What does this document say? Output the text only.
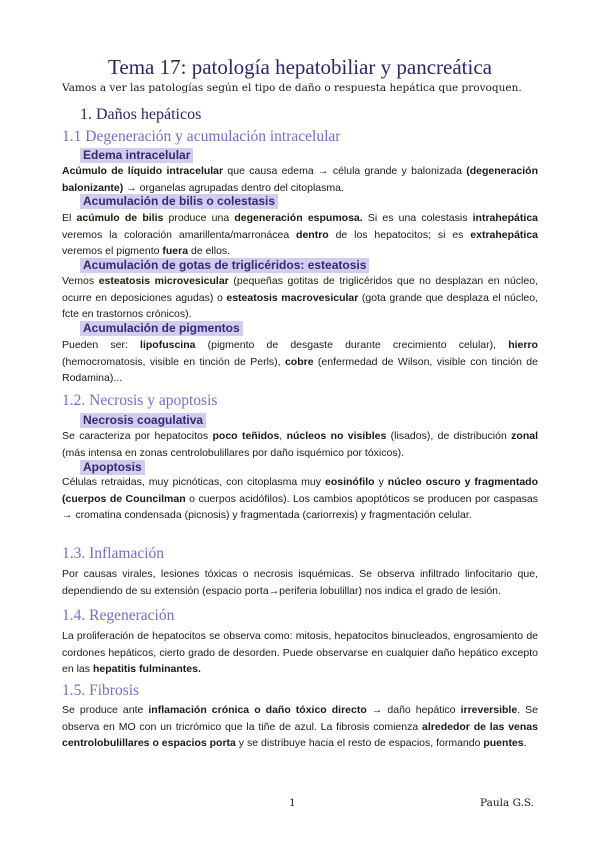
Tema 17: patología hepatobiliar y pancreática
Vamos a ver las patologías según el tipo de daño o respuesta hepática que provoquen.
1. Daños hepáticos
1.1 Degeneración y acumulación intracelular
Edema intracelular
Acúmulo de líquido intracelular que causa edema → célula grande y balonizada (degeneración balonizante) → organelas agrupadas dentro del citoplasma.
Acumulación de bilis o colestasis
El acúmulo de bilis produce una degeneración espumosa. Si es una colestasis intrahepática veremos la coloración amarillenta/marronácea dentro de los hepatocitos; si es extrahepática veremos el pigmento fuera de ellos.
Acumulación de gotas de triglicéridos: esteatosis
Vemos esteatosis microvesicular (pequeñas gotitas de triglicéridos que no desplazan en núcleo, ocurre en deposiciones agudas) o esteatosis macrovesicular (gota grande que desplaza el núcleo, fcte en trastornos crónicos).
Acumulación de pigmentos
Pueden ser: lipofuscina (pigmento de desgaste durante crecimiento celular), hierro (hemocromatosis, visible en tinción de Perls), cobre (enfermedad de Wilson, visible con tinción de Rodamina)...
1.2. Necrosis y apoptosis
Necrosis coagulativa
Se caracteriza por hepatocitos poco teñidos, núcleos no visibles (lisados), de distribución zonal (más intensa en zonas centrolobulillares por daño isquémico por tóxicos).
Apoptosis
Células retraidas, muy picnóticas, con citoplasma muy eosinófilo y núcleo oscuro y fragmentado (cuerpos de Councilman o cuerpos acidófilos). Los cambios apoptóticos se producen por caspasas → cromatina condensada (picnosis) y fragmentada (cariorrexis) y fragmentación celular.
1.3. Inflamación
Por causas virales, lesiones tóxicas o necrosis isquémicas. Se observa infiltrado linfocitario que, dependiendo de su extensión (espacio porta→periferia lobulillar) nos indica el grado de lesión.
1.4. Regeneración
La proliferación de hepatocitos se observa como: mitosis, hepatocitos binucleados, engrosamiento de cordones hepáticos, cierto grado de desorden. Puede observarse en cualquier daño hepático excepto en las hepatitis fulminantes.
1.5. Fibrosis
Se produce ante inflamación crónica o daño tóxico directo → daño hepático irreversible. Se observa en MO con un tricrómico que la tiñe de azul. La fibrosis comienza alrededor de las venas centrolobulillares o espacios porta y se distribuye hacia el resto de espacios, formando puentes.
1	Paula G.S.
